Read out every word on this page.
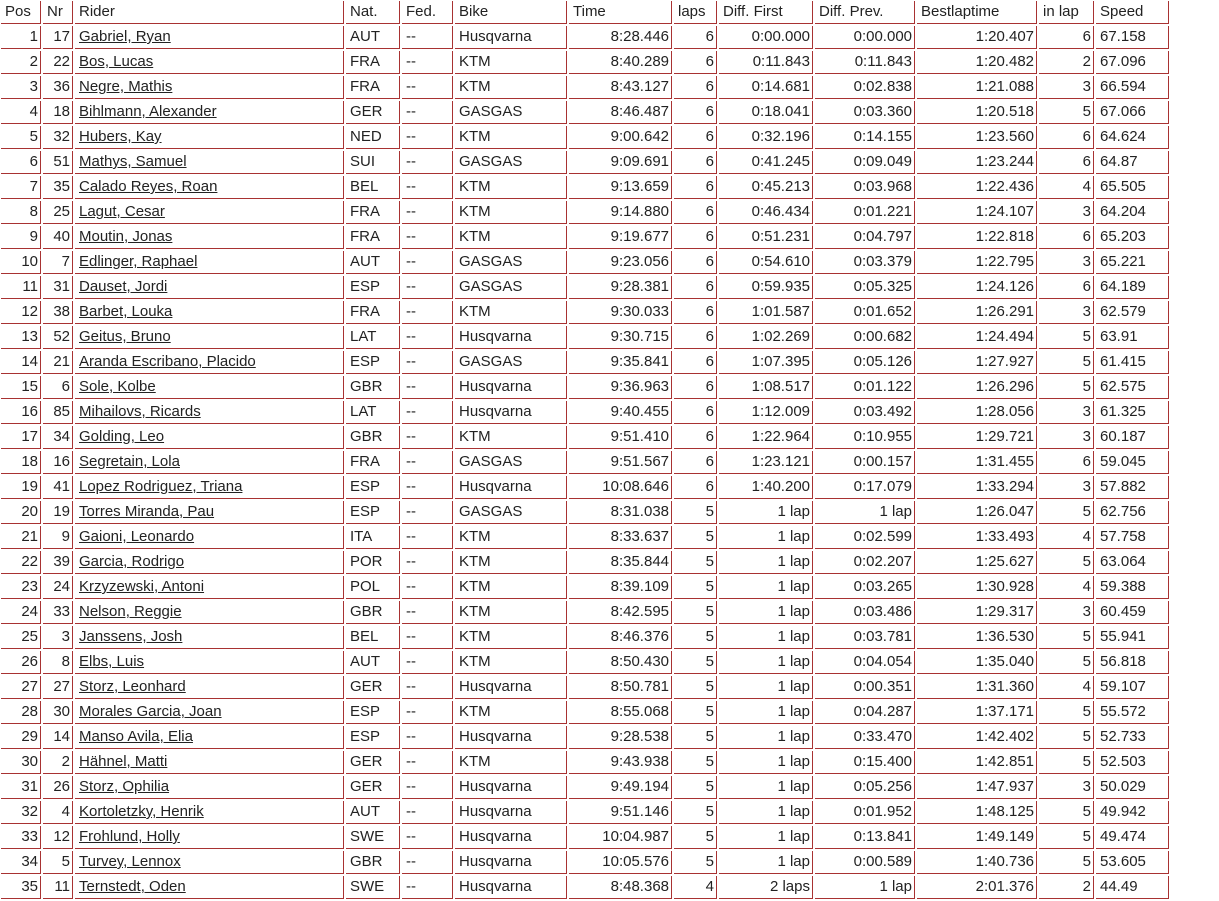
Pos	Nr	Rider	Nat.	Fed.	Bike	Time	laps	Diff. First	Diff. Prev.	Bestlaptime	in lap	Speed
1	17	Gabriel, Ryan	AUT	--	Husqvarna	8:28.446	6	0:00.000	0:00.000	1:20.407	6	67.158
2	22	Bos, Lucas	FRA	--	KTM	8:40.289	6	0:11.843	0:11.843	1:20.482	2	67.096
3	36	Negre, Mathis	FRA	--	KTM	8:43.127	6	0:14.681	0:02.838	1:21.088	3	66.594
4	18	Bihlmann, Alexander	GER	--	GASGAS	8:46.487	6	0:18.041	0:03.360	1:20.518	5	67.066
5	32	Hubers, Kay	NED	--	KTM	9:00.642	6	0:32.196	0:14.155	1:23.560	6	64.624
6	51	Mathys, Samuel	SUI	--	GASGAS	9:09.691	6	0:41.245	0:09.049	1:23.244	6	64.87
7	35	Calado Reyes, Roan	BEL	--	KTM	9:13.659	6	0:45.213	0:03.968	1:22.436	4	65.505
8	25	Lagut, Cesar	FRA	--	KTM	9:14.880	6	0:46.434	0:01.221	1:24.107	3	64.204
9	40	Moutin, Jonas	FRA	--	KTM	9:19.677	6	0:51.231	0:04.797	1:22.818	6	65.203
10	7	Edlinger, Raphael	AUT	--	GASGAS	9:23.056	6	0:54.610	0:03.379	1:22.795	3	65.221
11	31	Dauset, Jordi	ESP	--	GASGAS	9:28.381	6	0:59.935	0:05.325	1:24.126	6	64.189
12	38	Barbet, Louka	FRA	--	KTM	9:30.033	6	1:01.587	0:01.652	1:26.291	3	62.579
13	52	Geitus, Bruno	LAT	--	Husqvarna	9:30.715	6	1:02.269	0:00.682	1:24.494	5	63.91
14	21	Aranda Escribano, Placido	ESP	--	GASGAS	9:35.841	6	1:07.395	0:05.126	1:27.927	5	61.415
15	6	Sole, Kolbe	GBR	--	Husqvarna	9:36.963	6	1:08.517	0:01.122	1:26.296	5	62.575
16	85	Mihailovs, Ricards	LAT	--	Husqvarna	9:40.455	6	1:12.009	0:03.492	1:28.056	3	61.325
17	34	Golding, Leo	GBR	--	KTM	9:51.410	6	1:22.964	0:10.955	1:29.721	3	60.187
18	16	Segretain, Lola	FRA	--	GASGAS	9:51.567	6	1:23.121	0:00.157	1:31.455	6	59.045
19	41	Lopez Rodriguez, Triana	ESP	--	Husqvarna	10:08.646	6	1:40.200	0:17.079	1:33.294	3	57.882
20	19	Torres Miranda, Pau	ESP	--	GASGAS	8:31.038	5	1 lap	1 lap	1:26.047	5	62.756
21	9	Gaioni, Leonardo	ITA	--	KTM	8:33.637	5	1 lap	0:02.599	1:33.493	4	57.758
22	39	Garcia, Rodrigo	POR	--	KTM	8:35.844	5	1 lap	0:02.207	1:25.627	5	63.064
23	24	Krzyzewski, Antoni	POL	--	KTM	8:39.109	5	1 lap	0:03.265	1:30.928	4	59.388
24	33	Nelson, Reggie	GBR	--	KTM	8:42.595	5	1 lap	0:03.486	1:29.317	3	60.459
25	3	Janssens, Josh	BEL	--	KTM	8:46.376	5	1 lap	0:03.781	1:36.530	5	55.941
26	8	Elbs, Luis	AUT	--	KTM	8:50.430	5	1 lap	0:04.054	1:35.040	5	56.818
27	27	Storz, Leonhard	GER	--	Husqvarna	8:50.781	5	1 lap	0:00.351	1:31.360	4	59.107
28	30	Morales Garcia, Joan	ESP	--	KTM	8:55.068	5	1 lap	0:04.287	1:37.171	5	55.572
29	14	Manso Avila, Elia	ESP	--	Husqvarna	9:28.538	5	1 lap	0:33.470	1:42.402	5	52.733
30	2	Hähnel, Matti	GER	--	KTM	9:43.938	5	1 lap	0:15.400	1:42.851	5	52.503
31	26	Storz, Ophilia	GER	--	Husqvarna	9:49.194	5	1 lap	0:05.256	1:47.937	3	50.029
32	4	Kortoletzky, Henrik	AUT	--	Husqvarna	9:51.146	5	1 lap	0:01.952	1:48.125	5	49.942
33	12	Frohlund, Holly	SWE	--	Husqvarna	10:04.987	5	1 lap	0:13.841	1:49.149	5	49.474
34	5	Turvey, Lennox	GBR	--	Husqvarna	10:05.576	5	1 lap	0:00.589	1:40.736	5	53.605
35	11	Ternstedt, Oden	SWE	--	Husqvarna	8:48.368	4	2 laps	1 lap	2:01.376	2	44.49
